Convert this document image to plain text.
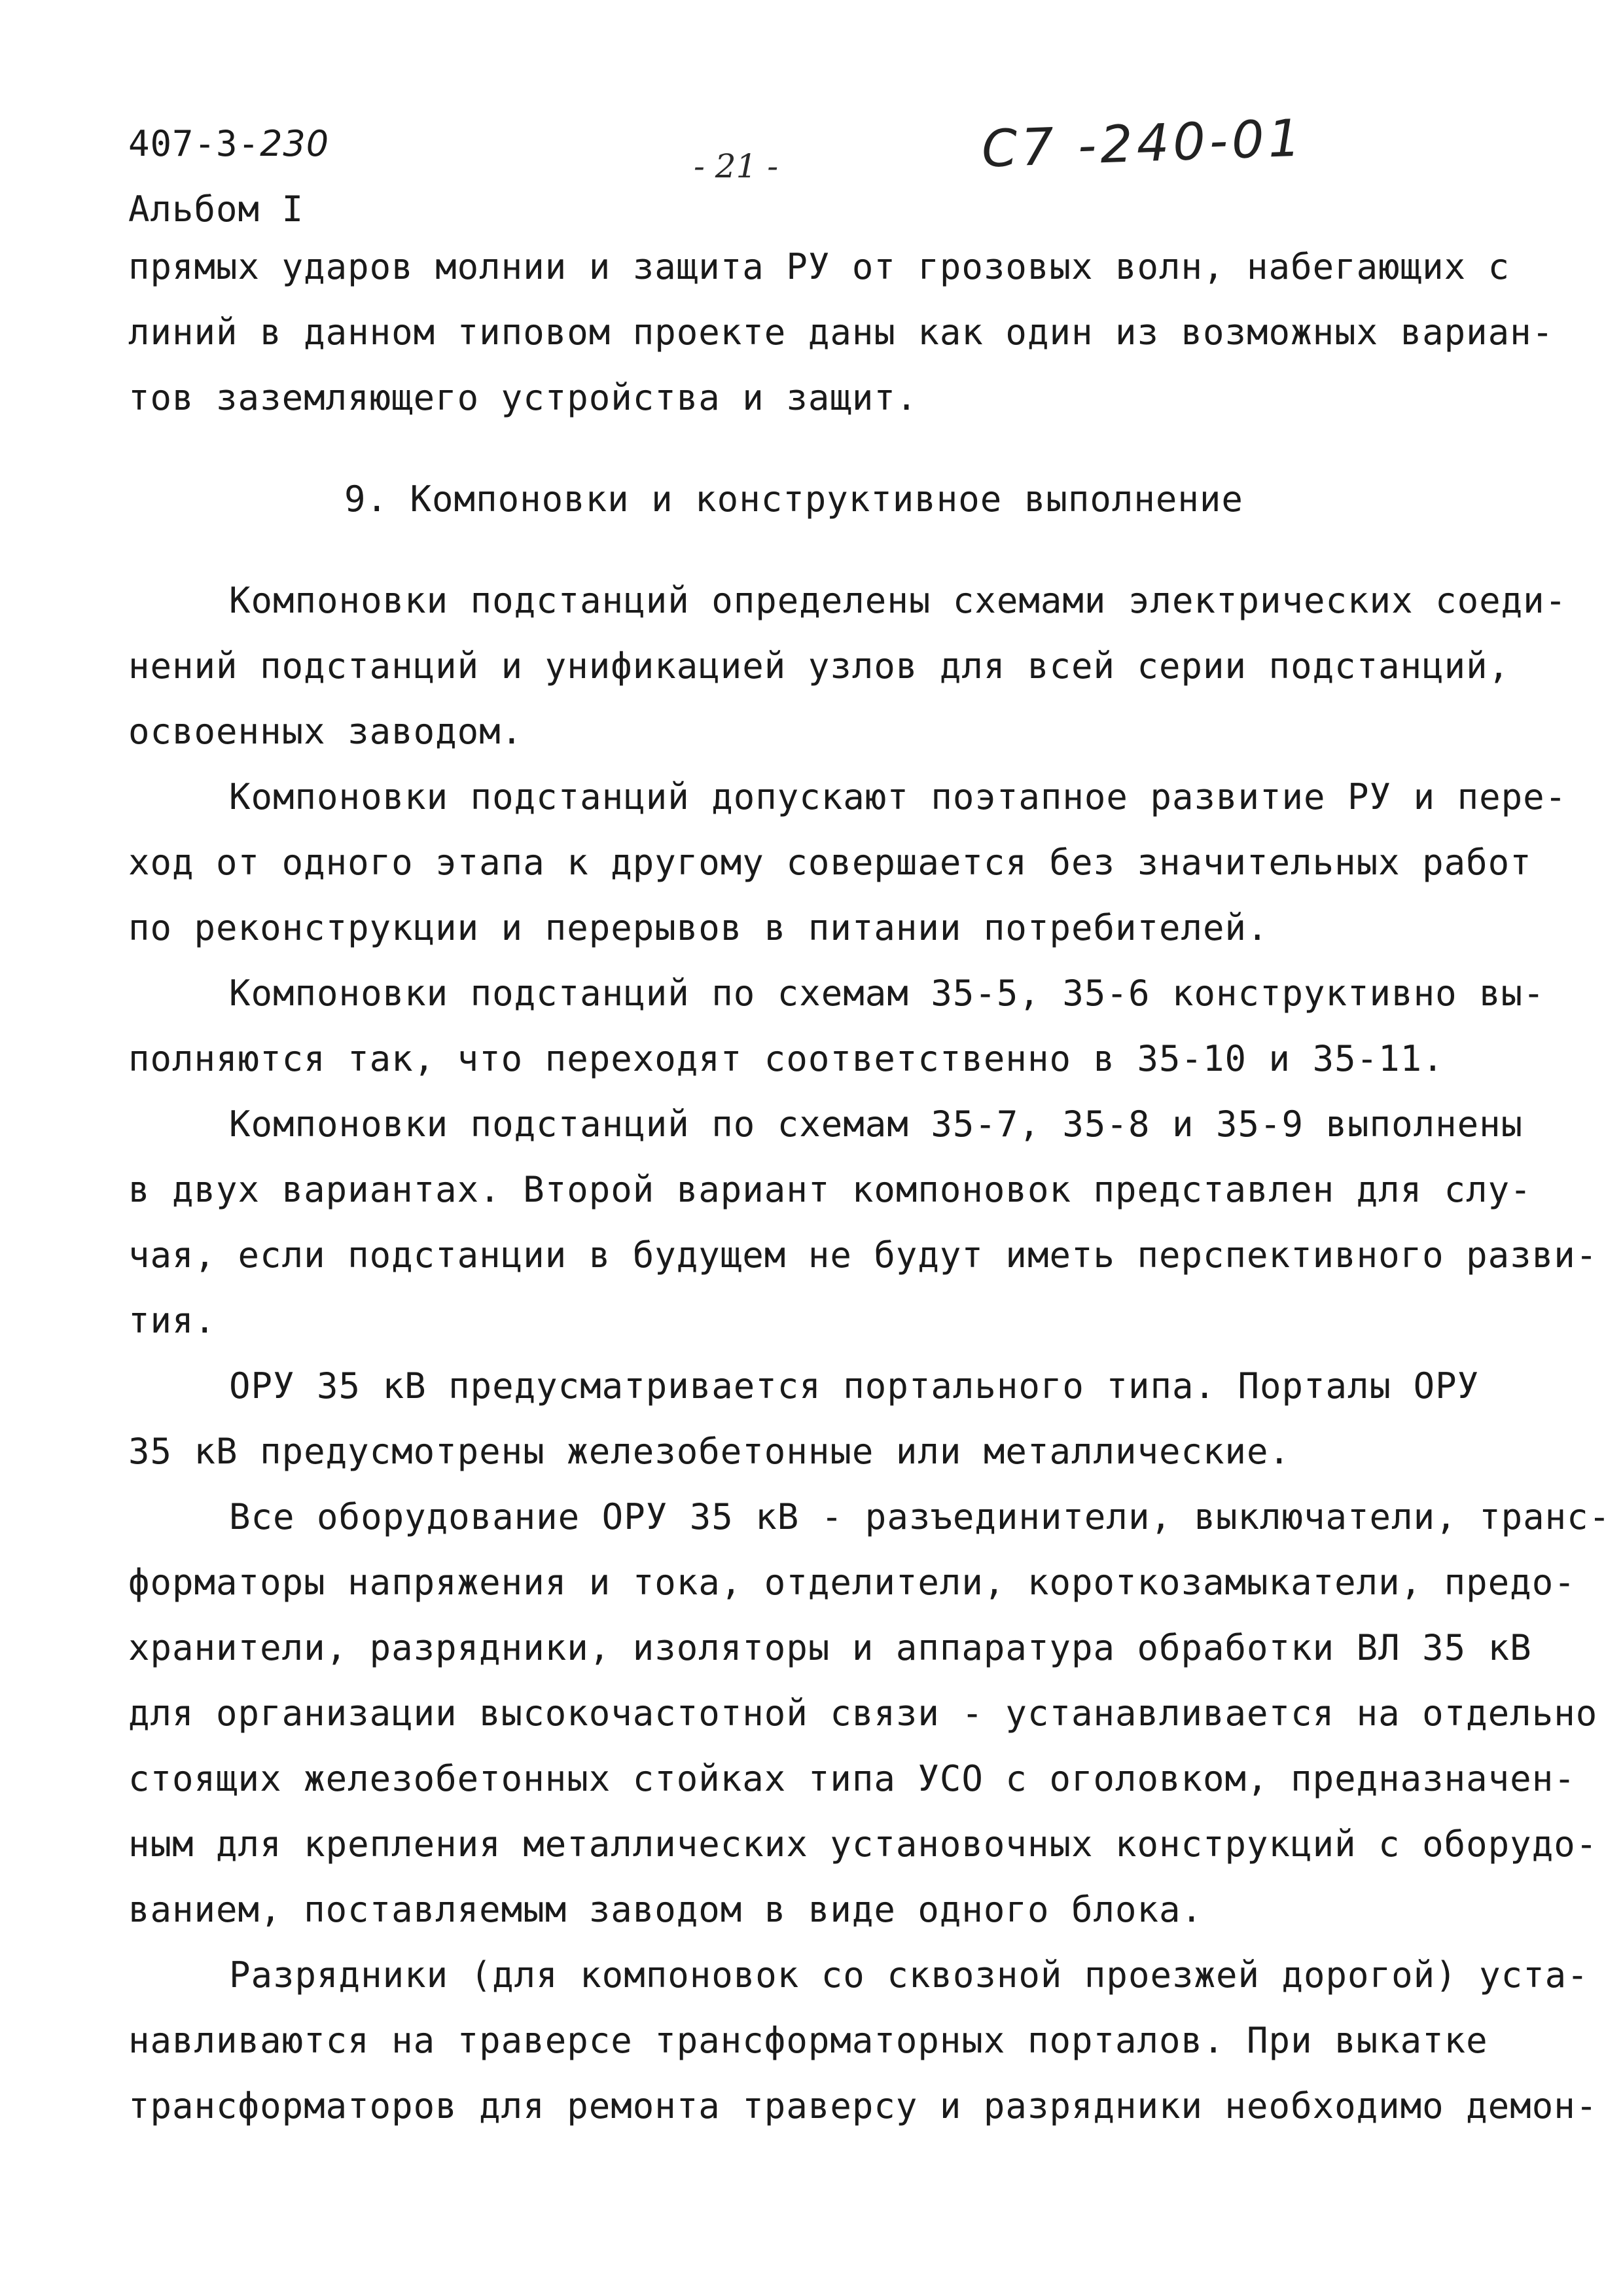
407-3-230
Альбом I
- 21 -	С7 -240-01
прямых ударов молнии и защита РУ от грозовых волн, набегающих с
линий в данном типовом проекте даны как один из возможных вариан-
тов заземляющего устройства и защит.
9. Компоновки и конструктивное выполнение
Компоновки подстанций определены схемами электрических соеди-
нений подстанций и унификацией узлов для всей серии подстанций,
освоенных заводом.
Компоновки подстанций допускают поэтапное развитие РУ и пере-
ход от одного этапа к другому совершается без значительных работ
по реконструкции и перерывов в питании потребителей.
Компоновки подстанций по схемам 35-5, 35-6 конструктивно вы-
полняются так, что переходят соответственно в 35-10 и 35-11.
Компоновки подстанций по схемам 35-7, 35-8 и 35-9 выполнены
в двух вариантах. Второй вариант компоновок представлен для слу-
чая, если подстанции в будущем не будут иметь перспективного разви-
тия.
ОРУ 35 кВ предусматривается портального типа. Порталы ОРУ
35 кВ предусмотрены железобетонные или металлические.
Все оборудование ОРУ 35 кВ - разъединители, выключатели, транс-
форматоры напряжения и тока, отделители, короткозамыкатели, предо-
хранители, разрядники, изоляторы и аппаратура обработки ВЛ 35 кВ
для организации высокочастотной связи - устанавливается на отдельно
стоящих железобетонных стойках типа УСО с оголовком, предназначен-
ным для крепления металлических установочных конструкций с оборудо-
ванием, поставляемым заводом в виде одного блока.
Разрядники (для компоновок со сквозной проезжей дорогой) уста-
навливаются на траверсе трансформаторных порталов. При выкатке
трансформаторов для ремонта траверсу и разрядники необходимо демон-
